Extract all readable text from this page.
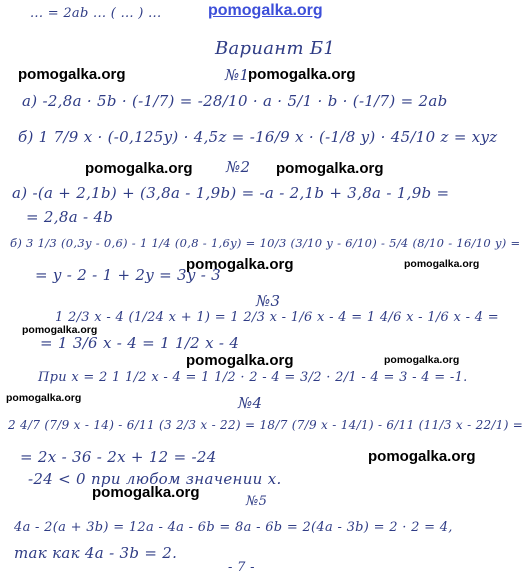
... = 2ab ... ( ... ) ...	pomogalka.org
Вариант Б1
pomogalka.org	№1
pomogalka.org
а) -2,8a · 5b · (-1/7) = -28/10 · a · 5/1 · b · (-1/7) = 2ab
б) 1 7/9 x · (-0,125y) · 4,5z = -16/9 x · (-1/8 y) · 45/10 z = xyz
pomogalka.org №2 pomogalka.org
а) -(a + 2,1b) + (3,8a - 1,9b) = -a - 2,1b + 3,8a - 1,9b =
= 2,8a - 4b
б) 3 1/3 (0,3y - 0,6) - 1 1/4 (0,8 - 1,6y) = 10/3 (3/10 y - 6/10) - 5/4 (8/10 - 16/10 y) =
= y - 2 - 1 + 2y = 3y - 3
pomogalka.org	pomogalka.org
№3
1 2/3 x - 4 (1/24 x + 1) = 1 2/3 x - 1/6 x - 4 = 1 4/6 x - 1/6 x - 4 =
pomogalka.org
= 1 3/6 x - 4 = 1 1/2 x - 4
pomogalka.org	pomogalka.org
При x = 2 1 1/2 x - 4 = 1 1/2 · 2 - 4 = 3/2 · 2/1 - 4 = 3 - 4 = -1.
pomogalka.org	№4
2 4/7 (7/9 x - 14) - 6/11 (3 2/3 x - 22) = 18/7 (7/9 x - 14/1) - 6/11 (11/3 x - 22/1) =
= 2x - 36 - 2x + 12 = -24	pomogalka.org
-24 < 0 при любом значении x.
pomogalka.org
№5
4a - 2(a + 3b) = 12a - 4a - 6b = 8a - 6b = 2(4a - 3b) = 2 · 2 = 4,
так как 4a - 3b = 2.
- 7 -
